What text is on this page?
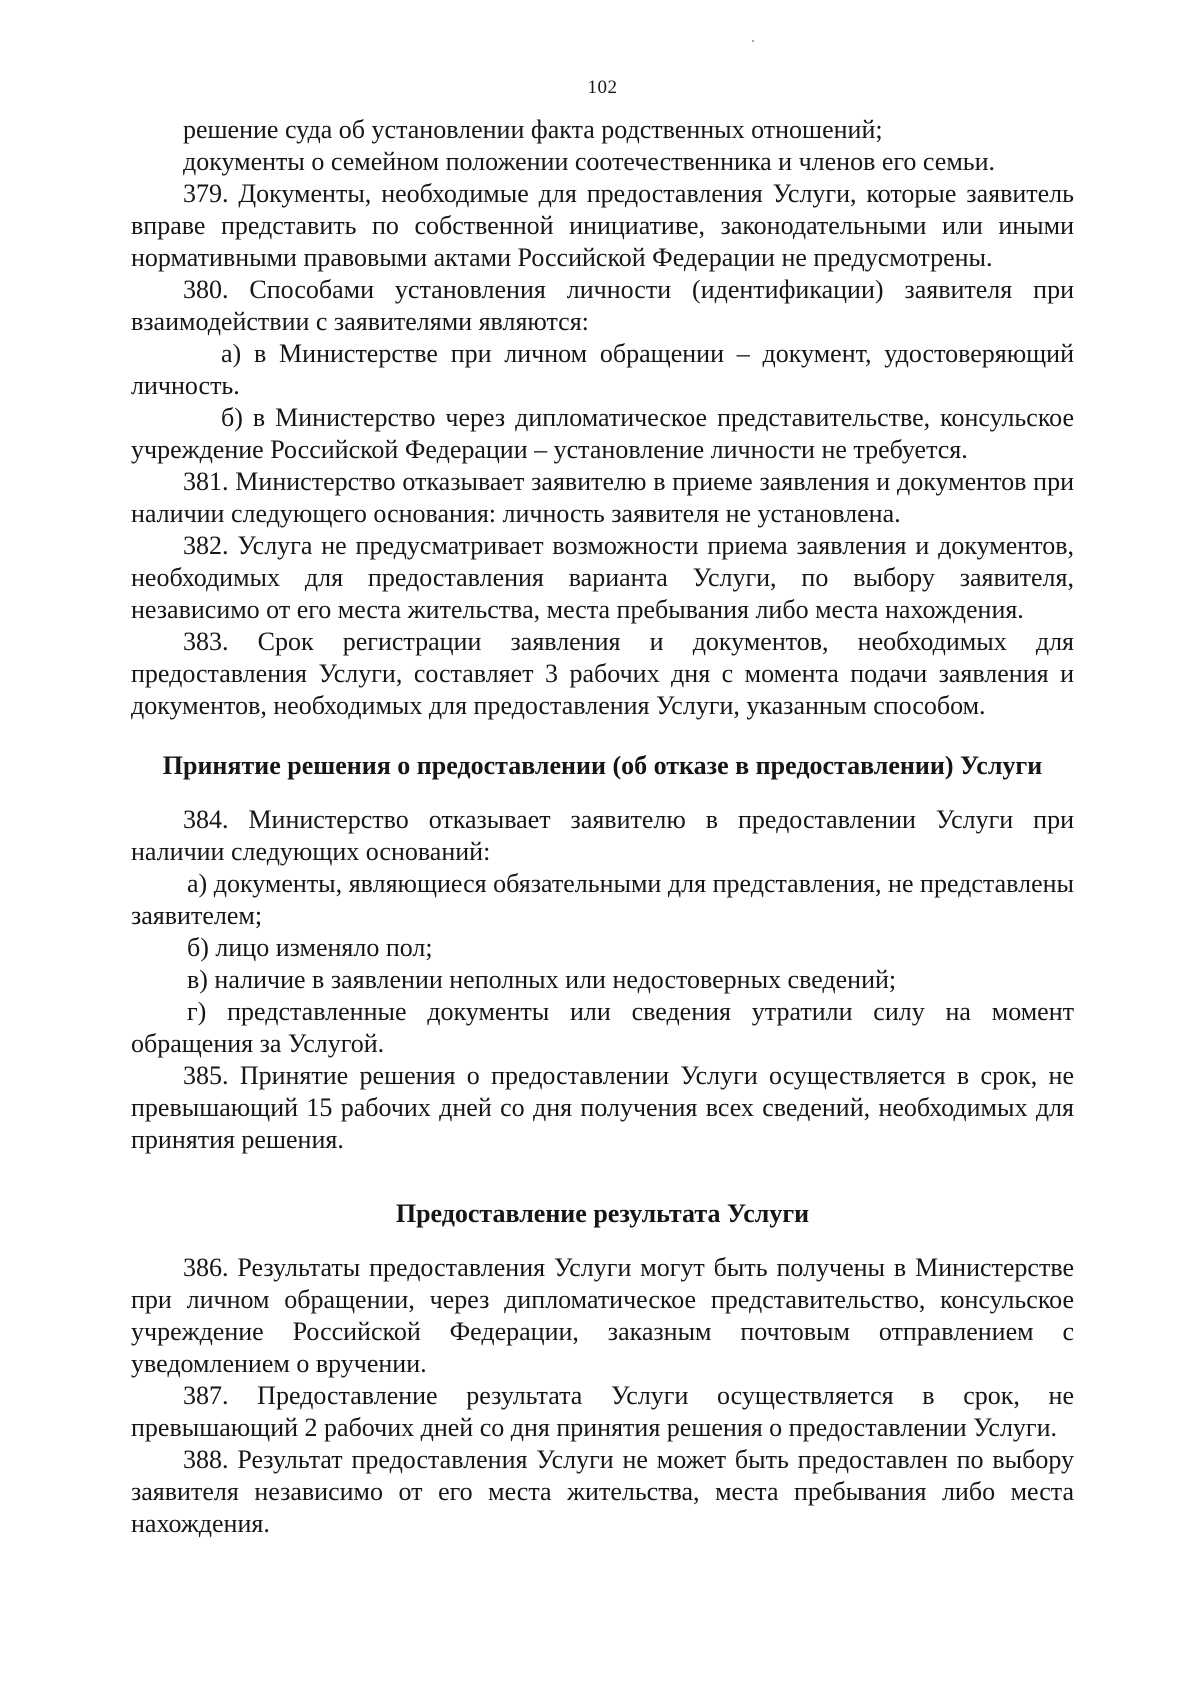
102

решение суда об установлении факта родственных отношений;

документы о семейном положении соотечественника и членов его семьи.

379. Документы, необходимые для предоставления Услуги, которые заявитель вправе представить по собственной инициативе, законодательными или иными нормативными правовыми актами Российской Федерации не предусмотрены.

380. Способами установления личности (идентификации) заявителя при взаимодействии с заявителями являются:

а) в Министерстве при личном обращении – документ, удостоверяющий личность.

б) в Министерство через дипломатическое представительстве, консульское учреждение Российской Федерации – установление личности не требуется.

381. Министерство отказывает заявителю в приеме заявления и документов при наличии следующего основания: личность заявителя не установлена.

382. Услуга не предусматривает возможности приема заявления и документов, необходимых для предоставления варианта Услуги, по выбору заявителя, независимо от его места жительства, места пребывания либо места нахождения.

383. Срок регистрации заявления и документов, необходимых для предоставления Услуги, составляет 3 рабочих дня с момента подачи заявления и документов, необходимых для предоставления Услуги, указанным способом.

Принятие решения о предоставлении (об отказе в предоставлении) Услуги

384. Министерство отказывает заявителю в предоставлении Услуги при наличии следующих оснований:

а) документы, являющиеся обязательными для представления, не представлены заявителем;

б) лицо изменяло пол;

в) наличие в заявлении неполных или недостоверных сведений;

г) представленные документы или сведения утратили силу на момент обращения за Услугой.

385. Принятие решения о предоставлении Услуги осуществляется в срок, не превышающий 15 рабочих дней со дня получения всех сведений, необходимых для принятия решения.

Предоставление результата Услуги

386. Результаты предоставления Услуги могут быть получены в Министерстве при личном обращении, через дипломатическое представительство, консульское учреждение Российской Федерации, заказным почтовым отправлением с уведомлением о вручении.

387. Предоставление результата Услуги осуществляется в срок, не превышающий 2 рабочих дней со дня принятия решения о предоставлении Услуги.

388. Результат предоставления Услуги не может быть предоставлен по выбору заявителя независимо от его места жительства, места пребывания либо места нахождения.
